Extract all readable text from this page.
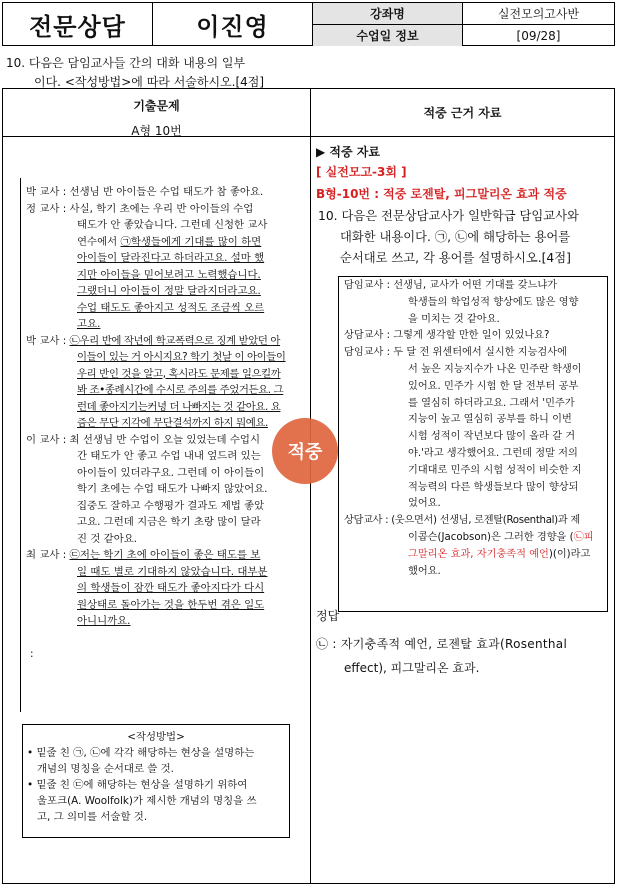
전문상담	이진영	강좌명	실전모의고사반
수업일 정보	[09/28]
기출문제
A형 10번
적중 근거 자료
10. 다음은 담임교사들 간의 대화 내용의 일부
이다. <작성방법>에 따라 서술하시오.[4점]
박 교사 : 선생님 반 아이들은 수업 태도가 참 좋아요.
정 교사 : 사실, 학기 초에는 우리 반 아이들의 수업
태도가 안 좋았습니다. 그런데 신청한 교사
연수에서 ㉠학생들에게 기대를 많이 하면
아이들이 달라진다고 하더라고요. 설마 했
지만 아이들을 믿어보려고 노력했습니다.
그랬더니 아이들이 정말 달라지더라고요.
수업 태도도 좋아지고 성적도 조금씩 오르
고요.
박 교사 : ㉡우리 반에 작년에 학교폭력으로 징계 받았던 아
이들이 있는 거 아시지요? 학기 첫날 이 아이들이
우리 반인 것을 알고, 혹시라도 문제를 일으킬까
봐 조•종례시간에 수시로 주의를 주었거든요. 그
런데 좋아지기는커녕 더 나빠지는 것 같아요. 요
즘은 무단 지각에 무단결석까지 하지 뭐예요.
이 교사 : 최 선생님 반 수업이 오늘 있었는데 수업시
간 태도가 안 좋고 수업 내내 엎드려 있는
아이들이 있더라구요. 그런데 이 아이들이
학기 초에는 수업 태도가 나빠지 않았어요.
집중도 잘하고 수행평가 결과도 제법 좋았
고요. 그런데 지금은 학기 초랑 많이 달라
진 것 같아요.
최 교사 : ㉢저는 학기 초에 아이들이 좋은 태도를 보
일 때도 별로 기대하지 않았습니다. 대부분
의 학생들이 잠깐 태도가 좋아지다가 다시
원상태로 돌아가는 것을 한두번 겪은 일도
아니니까요.
:
<작성방법>
• 밑줄 친 ㉠, ㉡에 각각 해당하는 현상을 설명하는
개념의 명칭을 순서대로 쓸 것.
• 밑줄 친 ㉢에 해당하는 현상을 설명하기 위하여
울포크(A. Woolfolk)가 제시한 개념의 명칭을 쓰
고, 그 의미를 서술할 것.
▶ 적중 자료
[ 실전모고-3회 ]
B형-10번 : 적중 로젠탈, 피그말리온 효과 적중
10. 다음은 전문상담교사가 일반학급 담임교사와
대화한 내용이다. ㉠, ㉡에 해당하는 용어를
순서대로 쓰고, 각 용어를 설명하시오.[4점]
담임교사 : 선생님, 교사가 어떤 기대를 갖느냐가
학생들의 학업성적 향상에도 많은 영향
을 미치는 것 같아요.
상담교사 : 그렇게 생각할 만한 일이 있었나요?
담임교사 : 두 달 전 위센터에서 실시한 지능검사에
서 높은 지능지수가 나온 민주란 학생이
있어요. 민주가 시험 한 달 전부터 공부
를 열심히 하더라고요. 그래서 '민주가
지능이 높고 열심히 공부를 하니 이번
시험 성적이 작년보다 많이 올라 갈 거
야.'라고 생각했어요. 그런데 정말 저의
기대대로 민주의 시험 성적이 비슷한 지
적능력의 다른 학생들보다 많이 향상되
었어요.
상담교사 : (웃으면서) 선생님, 로젠탈(Rosenthal)과 제
이콥슨(Jacobson)은 그러한 경향을 (㉡피
그말리온 효과, 자기충족적 예언)(이)라고
했어요.
정답
㉡ : 자기충족적 예언, 로젠탈 효과(Rosenthal
effect), 피그말리온 효과.
적중
